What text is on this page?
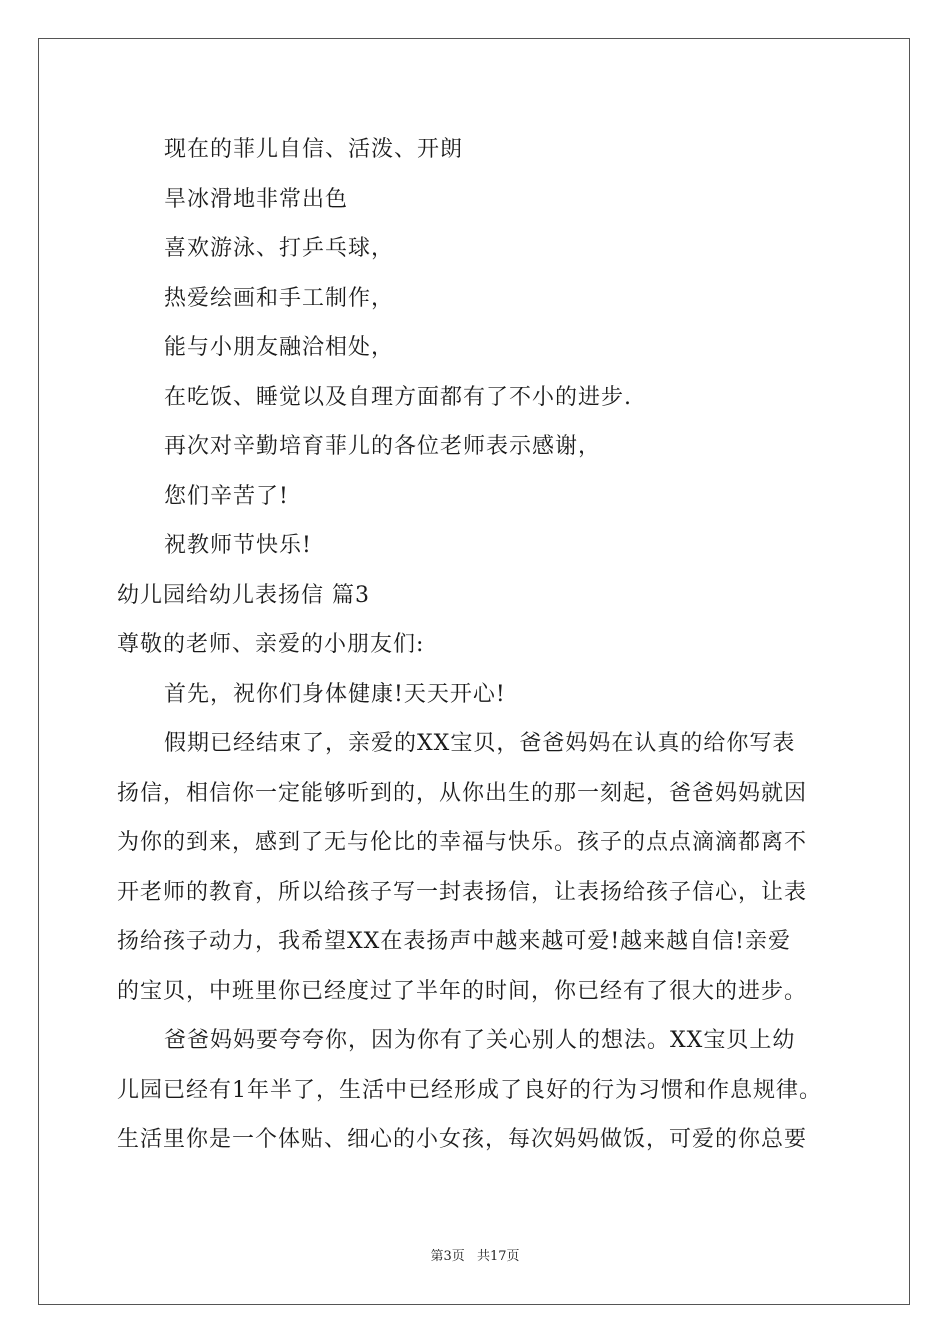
现在的菲儿自信、活泼、开朗

旱冰滑地非常出色

喜欢游泳、打乒乓球，

热爱绘画和手工制作，

能与小朋友融洽相处，

在吃饭、睡觉以及自理方面都有了不小的进步.

再次对辛勤培育菲儿的各位老师表示感谢，

您们辛苦了!

祝教师节快乐!

幼儿园给幼儿表扬信 篇3

尊敬的老师、亲爱的小朋友们:

首先，祝你们身体健康!天天开心!

假期已经结束了，亲爱的XX宝贝，爸爸妈妈在认真的给你写表

扬信，相信你一定能够听到的，从你出生的那一刻起，爸爸妈妈就因

为你的到来，感到了无与伦比的幸福与快乐。孩子的点点滴滴都离不

开老师的教育，所以给孩子写一封表扬信，让表扬给孩子信心，让表

扬给孩子动力，我希望XX在表扬声中越来越可爱!越来越自信!亲爱

的宝贝，中班里你已经度过了半年的时间，你已经有了很大的进步。

爸爸妈妈要夸夸你，因为你有了关心别人的想法。XX宝贝上幼

儿园已经有1年半了，生活中已经形成了良好的行为习惯和作息规律。

生活里你是一个体贴、细心的小女孩，每次妈妈做饭，可爱的你总要

第3页 共17页
